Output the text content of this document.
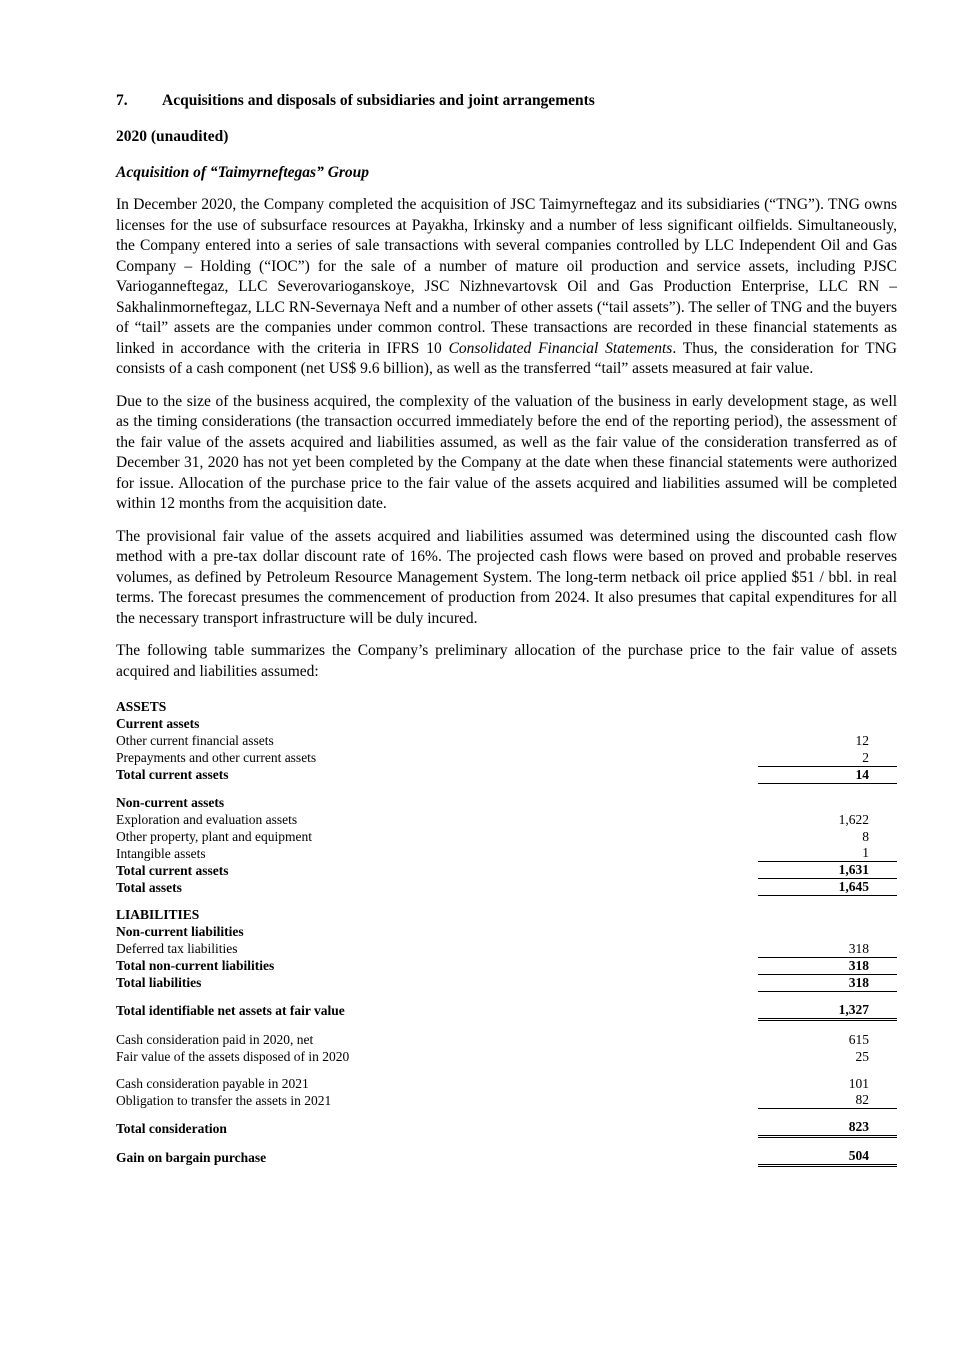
7. Acquisitions and disposals of subsidiaries and joint arrangements
2020 (unaudited)
Acquisition of “Taimyrneftegas” Group

In December 2020, the Company completed the acquisition of JSC Taimyrneftegaz and its subsidiaries (“TNG”). TNG owns licenses for the use of subsurface resources at Payakha, Irkinsky and a number of less significant oilfields. Simultaneously, the Company entered into a series of sale transactions with several companies controlled by LLC Independent Oil and Gas Company – Holding (“IOC”) for the sale of a number of mature oil production and service assets, including PJSC Varioganneftegaz, LLC Severovarioganskoye, JSC Nizhnevartovsk Oil and Gas Production Enterprise, LLC RN – Sakhalinmorneftegaz, LLC RN-Severnaya Neft and a number of other assets (“tail assets”). The seller of TNG and the buyers of “tail” assets are the companies under common control. These transactions are recorded in these financial statements as linked in accordance with the criteria in IFRS 10 Consolidated Financial Statements. Thus, the consideration for TNG consists of a cash component (net US$ 9.6 billion), as well as the transferred “tail” assets measured at fair value.

Due to the size of the business acquired, the complexity of the valuation of the business in early development stage, as well as the timing considerations (the transaction occurred immediately before the end of the reporting period), the assessment of the fair value of the assets acquired and liabilities assumed, as well as the fair value of the consideration transferred as of December 31, 2020 has not yet been completed by the Company at the date when these financial statements were authorized for issue. Allocation of the purchase price to the fair value of the assets acquired and liabilities assumed will be completed within 12 months from the acquisition date.

The provisional fair value of the assets acquired and liabilities assumed was determined using the discounted cash flow method with a pre-tax dollar discount rate of 16%. The projected cash flows were based on proved and probable reserves volumes, as defined by Petroleum Resource Management System. The long-term netback oil price applied $51 / bbl. in real terms. The forecast presumes the commencement of production from 2024. It also presumes that capital expenditures for all the necessary transport infrastructure will be duly incured.

The following table summarizes the Company’s preliminary allocation of the purchase price to the fair value of assets acquired and liabilities assumed:

ASSETS	
Current assets	
Other current financial assets	12
Prepayments and other current assets	2
Total current assets	14

Non-current assets	
Exploration and evaluation assets	1,622
Other property, plant and equipment	8
Intangible assets	1
Total current assets	1,631
Total assets	1,645

LIABILITIES	
Non-current liabilities	
Deferred tax liabilities	318
Total non-current liabilities	318
Total liabilities	318

Total identifiable net assets at fair value	1,327

Cash consideration paid in 2020, net	615
Fair value of the assets disposed of in 2020	25

Cash consideration payable in 2021	101
Obligation to transfer the assets in 2021	82

Total consideration	823

Gain on bargain purchase	504
